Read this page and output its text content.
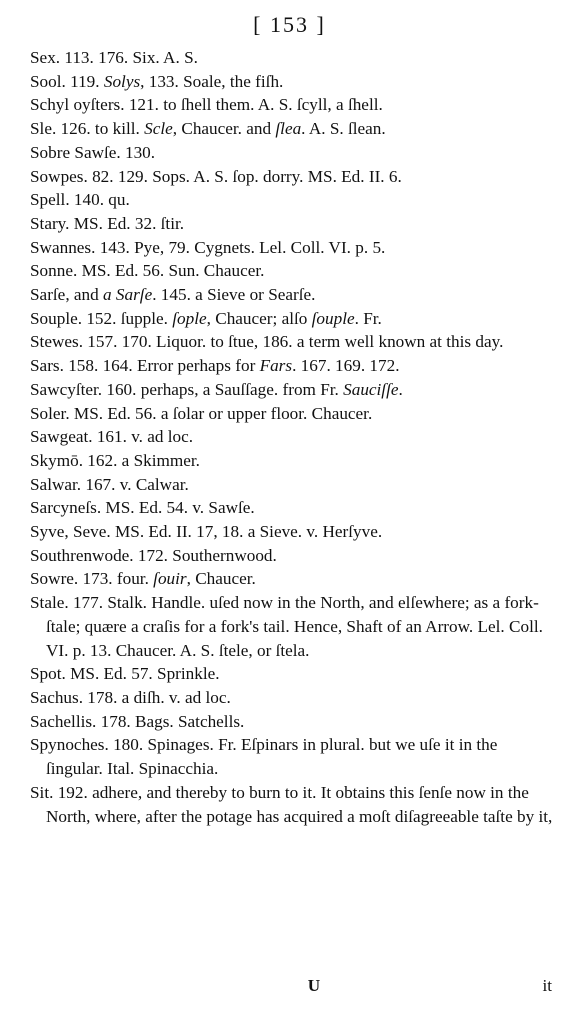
[ 153 ]
Sex. 113. 176. Six. A. S.
Sool. 119. Solys, 133. Soale, the fiſh.
Schyl oyſters. 121. to ſhell them. A. S. ſcyll, a ſhell.
Sle. 126. to kill. Scle, Chaucer. and ſlea. A. S. ſlean.
Sobre Sawſe. 130.
Sowpes. 82. 129. Sops. A. S. ſop. dorry. MS. Ed. II. 6.
Spell. 140. qu.
Stary. MS. Ed. 32. ſtir.
Swannes. 143. Pye, 79. Cygnets. Lel. Coll. VI. p. 5.
Sonne. MS. Ed. 56. Sun. Chaucer.
Sarſe, and a Sarſe. 145. a Sieve or Searſe.
Souple. 152. ſupple. ſople, Chaucer; alſo ſouple. Fr.
Stewes. 157. 170. Liquor. to ſtue, 186. a term well known at this day.
Sars. 158. 164. Error perhaps for Fars. 167. 169. 172.
Sawcyſter. 160. perhaps, a Sauſſage. from Fr. Sauciſſe.
Soler. MS. Ed. 56. a ſolar or upper floor. Chaucer.
Sawgeat. 161. v. ad loc.
Skymō. 162. a Skimmer.
Salwar. 167. v. Calwar.
Sarcyneſs. MS. Ed. 54. v. Sawſe.
Syve, Seve. MS. Ed. II. 17, 18. a Sieve. v. Herſyve.
Southrenwode. 172. Southernwood.
Sowre. 173. four. ſouir, Chaucer.
Stale. 177. Stalk. Handle. uſed now in the North, and elſewhere; as a fork-ſtale; quære a craſis for a fork's tail. Hence, Shaft of an Arrow. Lel. Coll. VI. p. 13. Chaucer. A. S. ſtele, or ſtela.
Spot. MS. Ed. 57. Sprinkle.
Sachus. 178. a diſh. v. ad loc.
Sachellis. 178. Bags. Satchells.
Spynoches. 180. Spinages. Fr. Eſpinars in plural. but we uſe it in the ſingular. Ital. Spinacchia.
Sit. 192. adhere, and thereby to burn to it. It obtains this ſenſe now in the North, where, after the potage has acquired a moſt diſagreeable taſte by it,
U	it
